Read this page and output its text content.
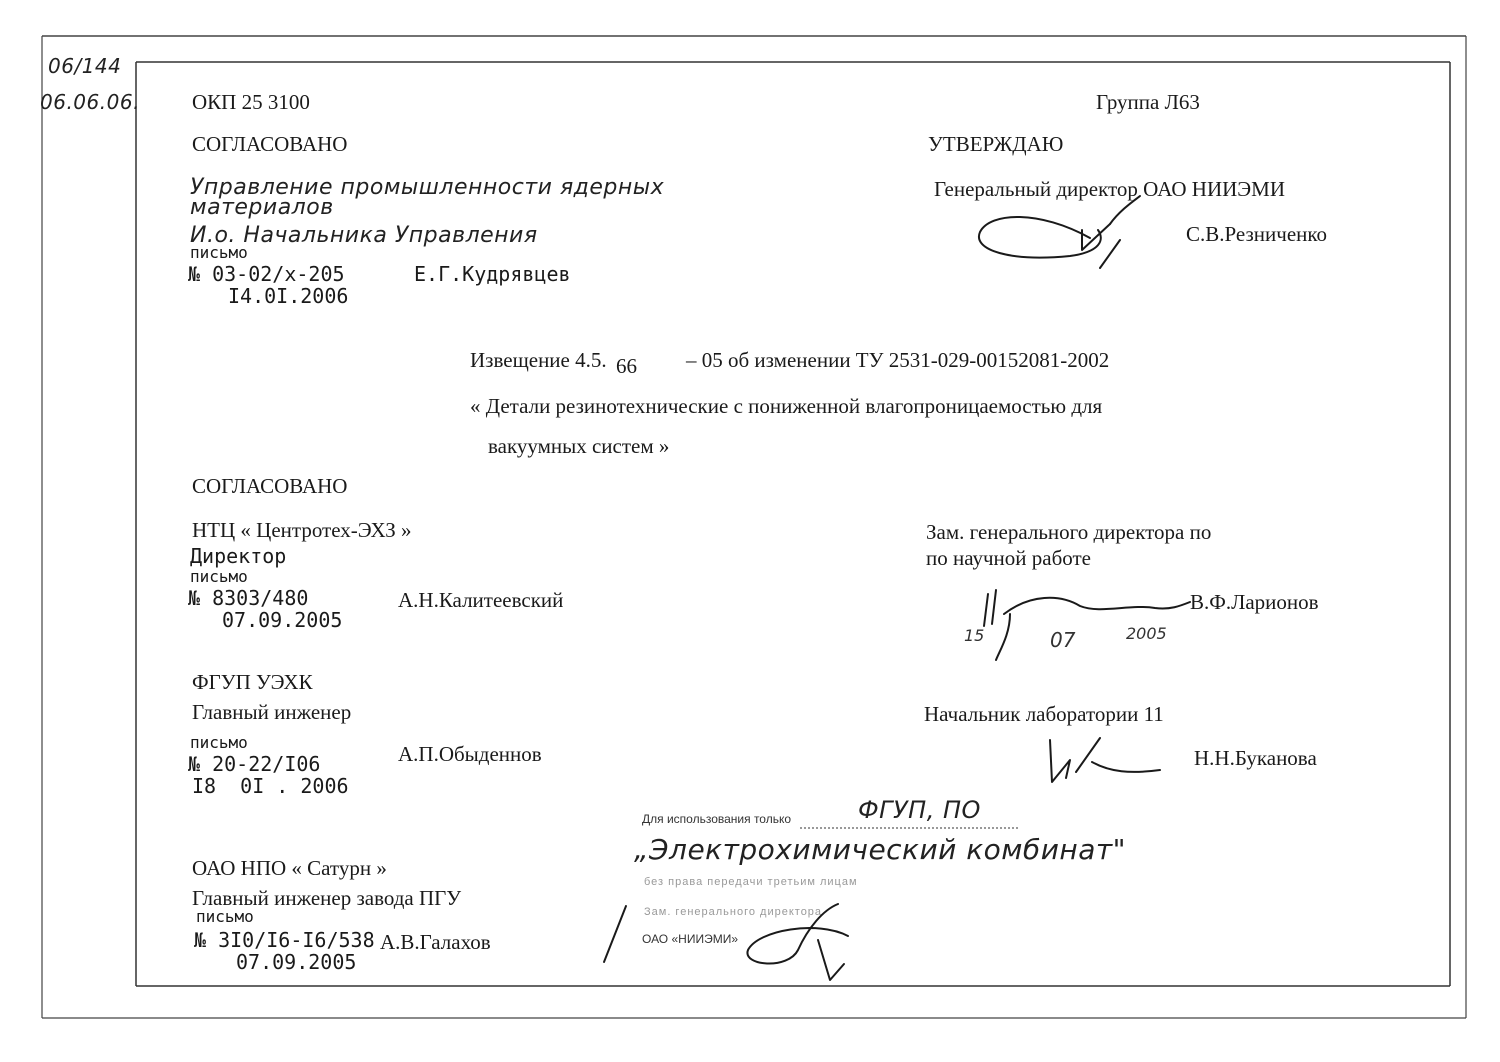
06/144
06.06.06. ОКП 25 3100	Группа Л63
СОГЛАСОВАНО
Управление промышленности ядерных
материалов
И.о. Начальника Управления
письмо
№ 03-02/х-205
I4.0I.2006
Е.Г.Кудрявцев
УТВЕРЖДАЮ
Генеральный директор ОАО НИИЭМИ
С.В.Резниченко
Извещение 4.5. 66 – 05 об изменении ТУ 2531-029-00152081-2002
« Детали резинотехнические с пониженной влагопроницаемостью для
вакуумных систем »
СОГЛАСОВАНО
НТЦ « Центротех-ЭХЗ »
Директор
письмо
№ 8303/480
07.09.2005
А.Н.Калитеевский
Зам. генерального директора по
по научной работе
В.Ф.Ларионов
15	07	2005
ФГУП УЭХК
Главный инженер
письмо
№ 20-22/I06
I8  0I . 2006
А.П.Обыденнов
Начальник лаборатории 11
Н.Н.Буканова
ОАО НПО « Сатурн »
Главный инженер завода ПГУ
письмо
№ 3I0/I6-I6/538
07.09.2005
А.В.Галахов
Для использования только	ФГУП, ПО
„Электрохимический комбинат"
без права передачи третьим лицам
Зам. генерального директора
ОАО «НИИЭМИ»
